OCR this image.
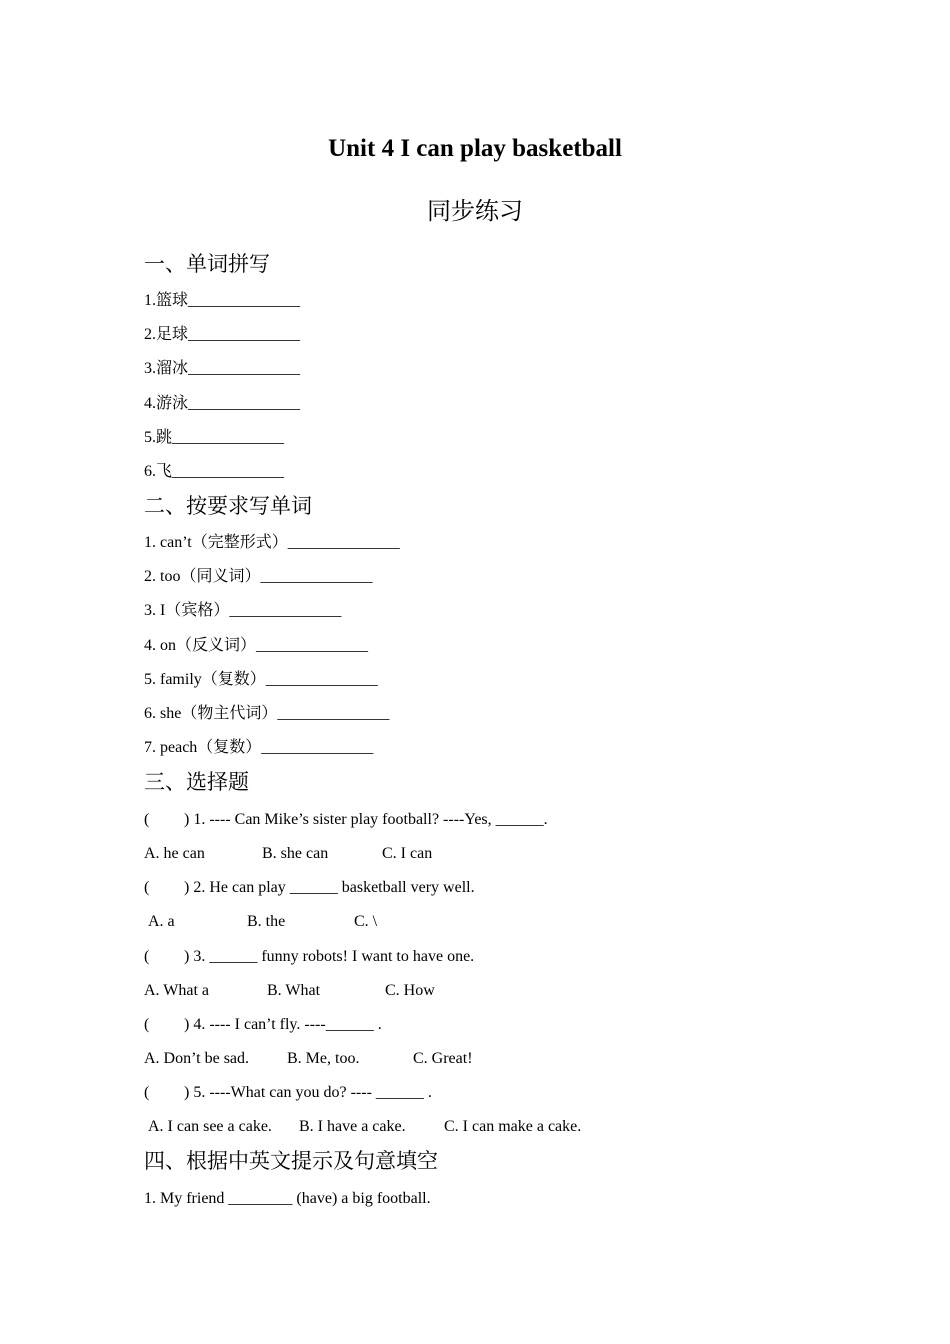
Unit 4 I can play basketball
同步练习
一、单词拼写
1.篮球______________
2.足球______________
3.溜冰______________
4.游泳______________
5.跳______________
6.飞______________
二、按要求写单词
1. can’t（完整形式）______________
2. too（同义词）______________
3. I（宾格）______________
4. on（反义词）______________
5. family（复数）______________
6. she（物主代词）______________
7. peach（复数）______________
三、选择题
( ) 1. ---- Can Mike’s sister play football? ----Yes, ______.
A. he can	B. she can	C. I can
( ) 2. He can play ______ basketball very well.
A. a	B. the	C. \
( ) 3. ______ funny robots! I want to have one.
A. What a	B. What	C. How
( ) 4. ---- I can’t fly. ----______ .
A. Don’t be sad. B. Me, too.	C. Great!
( ) 5. ----What can you do? ---- ______ .
A. I can see a cake. B. I have a cake. C. I can make a cake.
四、根据中英文提示及句意填空
1. My friend ________ (have) a big football.
